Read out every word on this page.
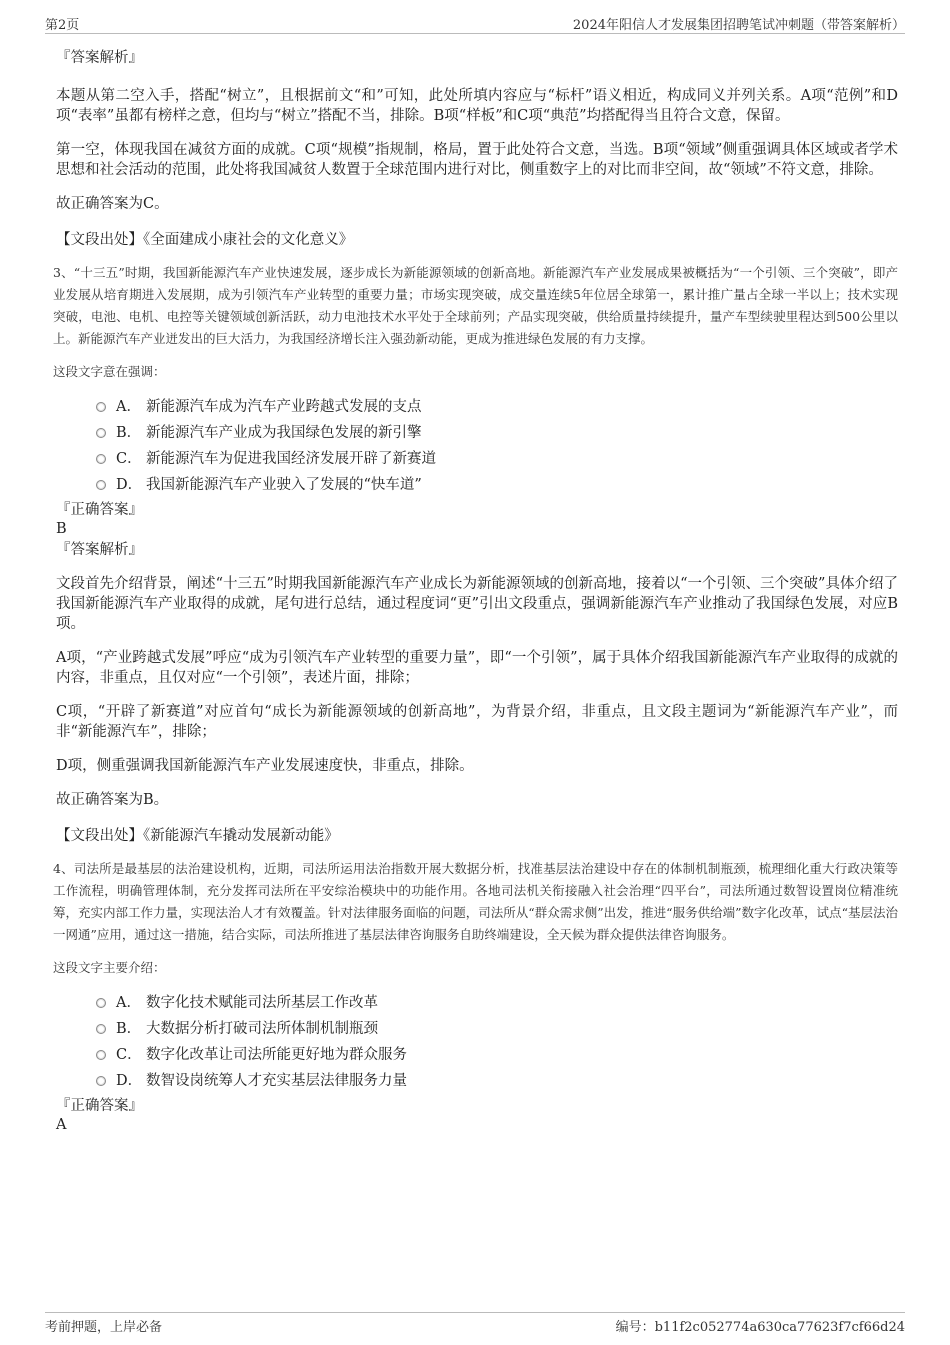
第2页	2024年阳信人才发展集团招聘笔试冲刺题（带答案解析）
『答案解析』
本题从第二空入手，搭配“树立”，且根据前文“和”可知，此处所填内容应与“标杆”语义相近，构成同义并列关系。A项“范例”和D项“表率”虽都有榜样之意，但均与“树立”搭配不当，排除。B项“样板”和C项“典范”均搭配得当且符合文意，保留。
第一空，体现我国在减贫方面的成就。C项“规模”指规制，格局，置于此处符合文意，当选。B项“领域”侧重强调具体区域或者学术思想和社会活动的范围，此处将我国减贫人数置于全球范围内进行对比，侧重数字上的对比而非空间，故“领域”不符文意，排除。
故正确答案为C。
【文段出处】《全面建成小康社会的文化意义》
3、“十三五”时期，我国新能源汽车产业快速发展，逐步成长为新能源领域的创新高地。新能源汽车产业发展成果被概括为“一个引领、三个突破”，即产业发展从培育期进入发展期，成为引领汽车产业转型的重要力量；市场实现突破，成交量连续5年位居全球第一，累计推广量占全球一半以上；技术实现突破，电池、电机、电控等关键领域创新活跃，动力电池技术水平处于全球前列；产品实现突破，供给质量持续提升，量产车型续驶里程达到500公里以上。新能源汽车产业迸发出的巨大活力，为我国经济增长注入强劲新动能，更成为推进绿色发展的有力支撑。
这段文字意在强调：
A． 新能源汽车成为汽车产业跨越式发展的支点
B． 新能源汽车产业成为我国绿色发展的新引擎
C． 新能源汽车为促进我国经济发展开辟了新赛道
D． 我国新能源汽车产业驶入了发展的“快车道”
『正确答案』
B
『答案解析』
文段首先介绍背景，阐述“十三五”时期我国新能源汽车产业成长为新能源领域的创新高地，接着以“一个引领、三个突破”具体介绍了我国新能源汽车产业取得的成就，尾句进行总结，通过程度词“更”引出文段重点，强调新能源汽车产业推动了我国绿色发展，对应B项。
A项，“产业跨越式发展”呼应“成为引领汽车产业转型的重要力量”，即“一个引领”，属于具体介绍我国新能源汽车产业取得的成就的内容，非重点，且仅对应“一个引领”，表述片面，排除；
C项，“开辟了新赛道”对应首句“成长为新能源领域的创新高地”，为背景介绍，非重点，且文段主题词为“新能源汽车产业”，而非“新能源汽车”，排除；
D项，侧重强调我国新能源汽车产业发展速度快，非重点，排除。
故正确答案为B。
【文段出处】《新能源汽车撬动发展新动能》
4、司法所是最基层的法治建设机构，近期，司法所运用法治指数开展大数据分析，找准基层法治建设中存在的体制机制瓶颈，梳理细化重大行政决策等工作流程，明确管理体制，充分发挥司法所在平安综治模块中的功能作用。各地司法机关衔接融入社会治理“四平台”，司法所通过数智设置岗位精准统筹，充实内部工作力量，实现法治人才有效覆盖。针对法律服务面临的问题，司法所从“群众需求侧”出发，推进“服务供给端”数字化改革，试点“基层法治一网通”应用，通过这一措施，结合实际，司法所推进了基层法律咨询服务自助终端建设，全天候为群众提供法律咨询服务。
这段文字主要介绍：
A． 数字化技术赋能司法所基层工作改革
B． 大数据分析打破司法所体制机制瓶颈
C． 数字化改革让司法所能更好地为群众服务
D． 数智设岗统筹人才充实基层法律服务力量
『正确答案』
A
考前押题，上岸必备	编号：b11f2c052774a630ca77623f7cf66d24
